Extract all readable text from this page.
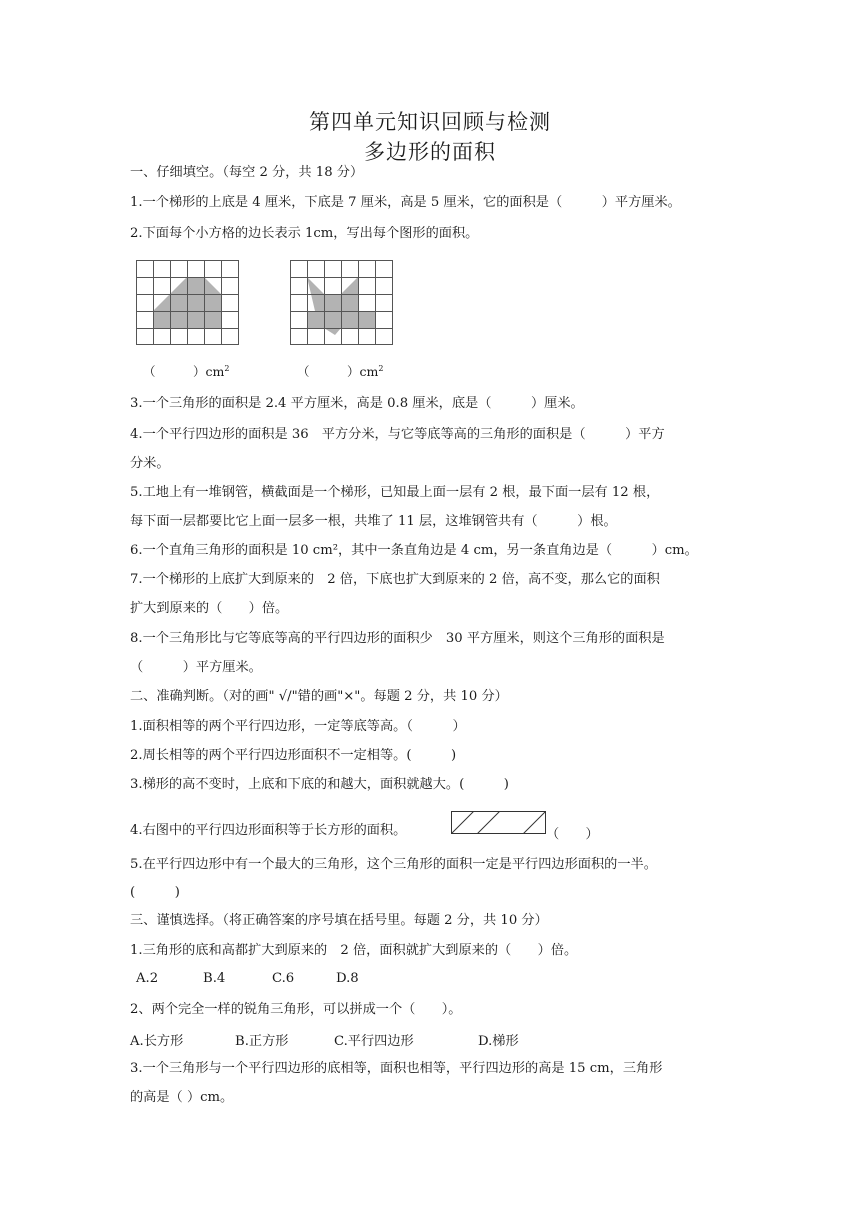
第四单元知识回顾与检测
多边形的面积
一、仔细填空。（每空 2 分，共 18 分）
1.一个梯形的上底是 4 厘米，下底是 7 厘米，高是 5 厘米，它的面积是（　　　）平方厘米。
2.下面每个小方格的边长表示 1cm，写出每个图形的面积。
（　　　）$cm^2$	（　　　）$cm^2$
3.一个三角形的面积是 2.4 平方厘米，高是 0.8 厘米，底是（　　　）厘米。
4.一个平行四边形的面积是 36　平方分米，与它等底等高的三角形的面积是（　　　）平方
分米。
5.工地上有一堆钢管，横截面是一个梯形，已知最上面一层有 2 根，最下面一层有 12 根，
每下面一层都要比它上面一层多一根，共堆了 11 层，这堆钢管共有（　　　）根。
6.一个直角三角形的面积是 10 cm²，其中一条直角边是 4 cm，另一条直角边是（　　　）cm。
7.一个梯形的上底扩大到原来的　2 倍，下底也扩大到原来的 2 倍，高不变，那么它的面积
扩大到原来的（　　）倍。
8.一个三角形比与它等底等高的平行四边形的面积少　30 平方厘米，则这个三角形的面积是
（　　　）平方厘米。
二、准确判断。（对的画" √/"错的画"×"。每题 2 分，共 10 分）
1.面积相等的两个平行四边形，一定等底等高。（　　　）
2.周长相等的两个平行四边形面积不一定相等。(　　　)
3.梯形的高不变时，上底和下底的和越大，面积就越大。(　　　)
4.右图中的平行四边形面积等于长方形的面积。	（　　）
5.在平行四边形中有一个最大的三角形，这个三角形的面积一定是平行四边形面积的一半。
(　　　)
三、谨慎选择。（将正确答案的序号填在括号里。每题 2 分，共 10 分）
1.三角形的底和高都扩大到原来的　2 倍，面积就扩大到原来的（　　）倍。
A.2	B.4	C.6	D.8
2、两个完全一样的锐角三角形，可以拼成一个（　　）。
A.长方形	B.正方形	C.平行四边形	D.梯形
3.一个三角形与一个平行四边形的底相等，面积也相等，平行四边形的高是 15 cm，三角形
的高是（ ）cm。
